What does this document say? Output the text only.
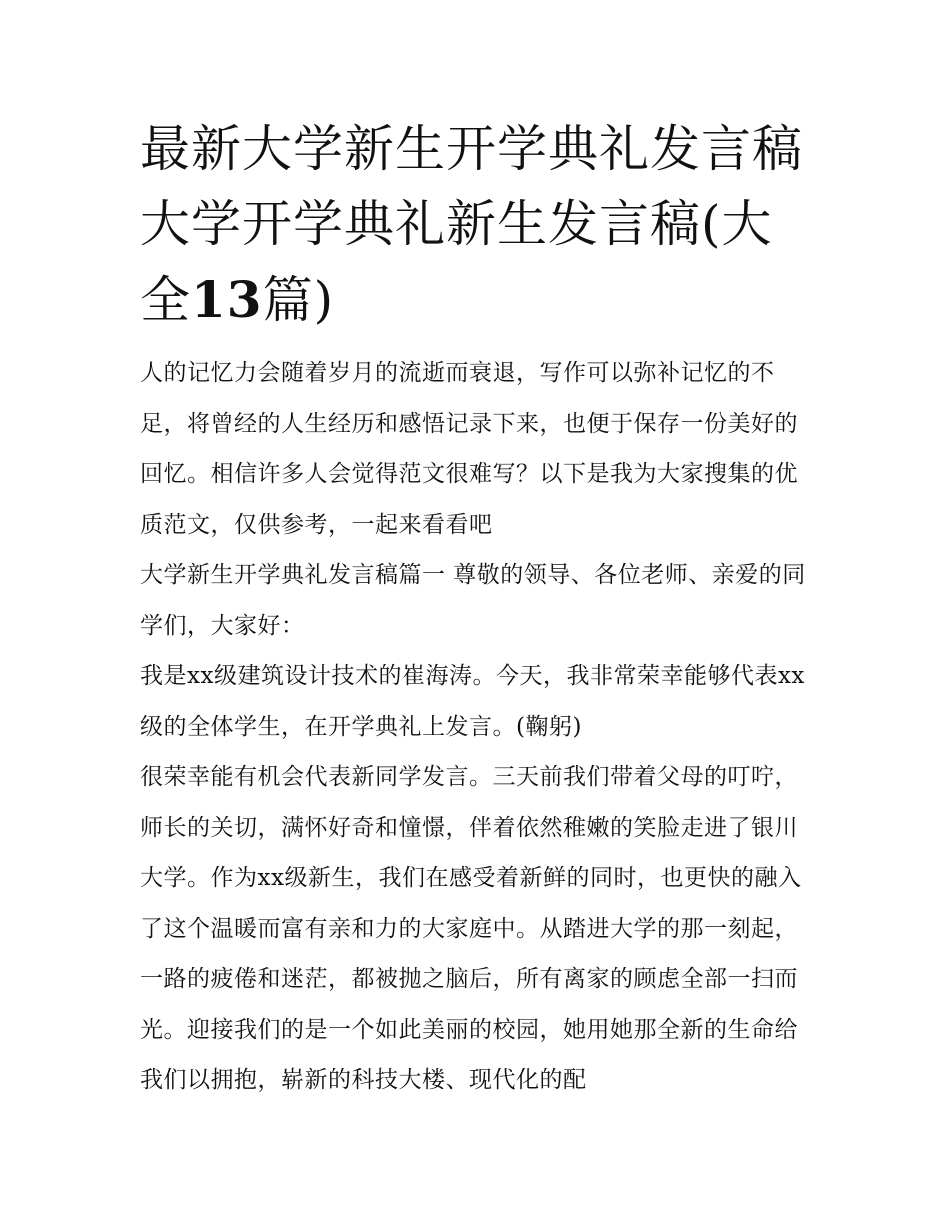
最新大学新生开学典礼发言稿大学开学典礼新生发言稿(大全13篇)

人的记忆力会随着岁月的流逝而衰退，写作可以弥补记忆的不足，将曾经的人生经历和感悟记录下来，也便于保存一份美好的回忆。相信许多人会觉得范文很难写？以下是我为大家搜集的优质范文，仅供参考，一起来看看吧

大学新生开学典礼发言稿篇一 尊敬的领导、各位老师、亲爱的同学们，大家好：

我是xx级建筑设计技术的崔海涛。今天，我非常荣幸能够代表xx级的全体学生，在开学典礼上发言。(鞠躬)

很荣幸能有机会代表新同学发言。三天前我们带着父母的叮咛，师长的关切，满怀好奇和憧憬，伴着依然稚嫩的笑脸走进了银川大学。作为xx级新生，我们在感受着新鲜的同时，也更快的融入了这个温暖而富有亲和力的大家庭中。从踏进大学的那一刻起，一路的疲倦和迷茫，都被抛之脑后，所有离家的顾虑全部一扫而光。迎接我们的是一个如此美丽的校园，她用她那全新的生命给我们以拥抱，崭新的科技大楼、现代化的配
